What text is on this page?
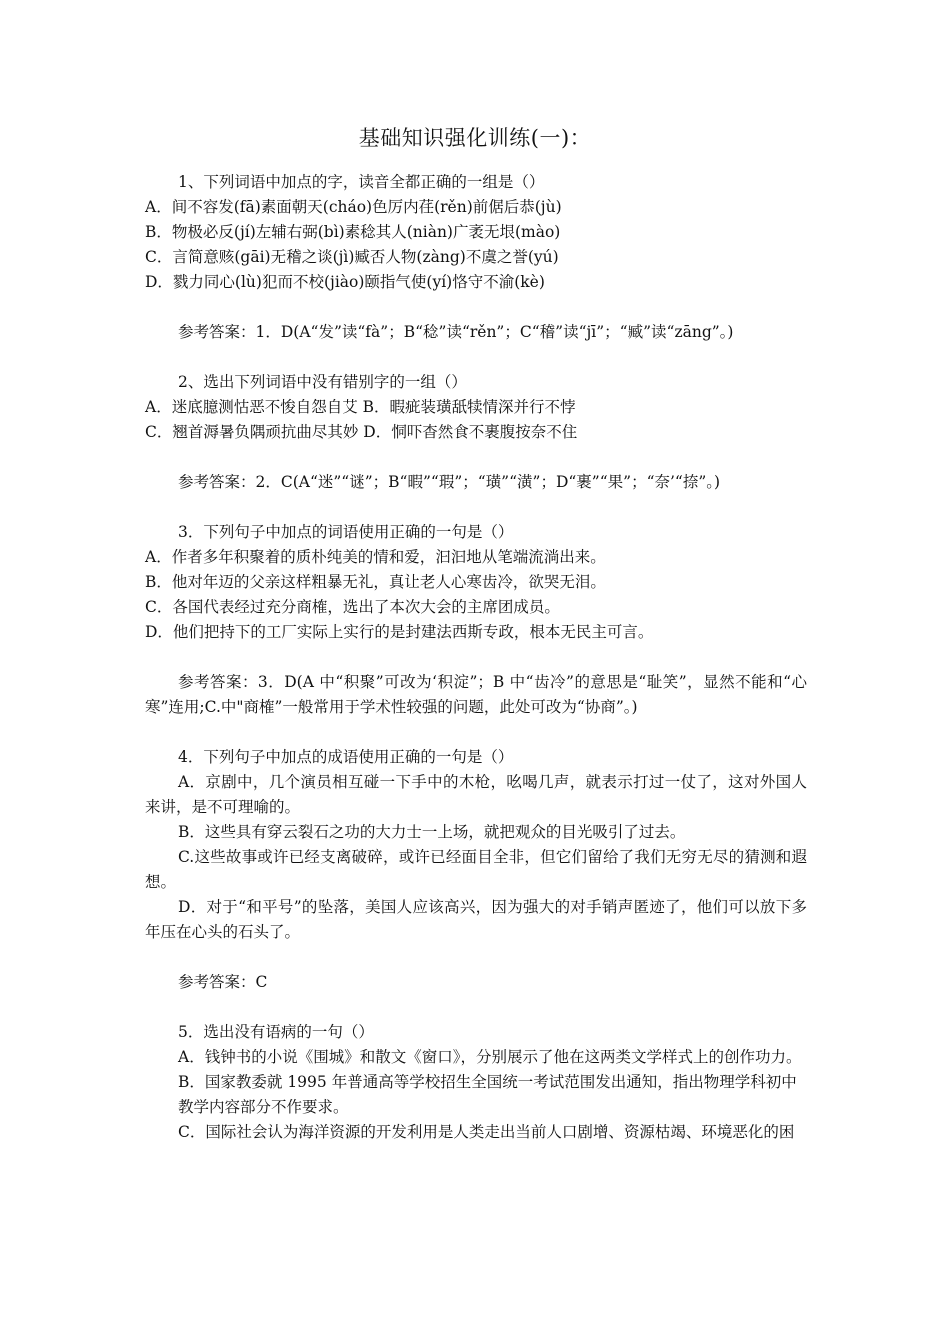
基础知识强化训练(一)：

1、下列词语中加点的字，读音全都正确的一组是（）

A．间不容发(fā)素面朝天(cháo)色厉内荏(rěn)前倨后恭(jù)

B．物极必反(jí)左辅右弼(bì)素稔其人(niàn)广袤无垠(mào)

C．言简意赅(gāi)无稽之谈(jì)臧否人物(zàng)不虞之誉(yú)

D．戮力同心(lù)犯而不校(jiào)颐指气使(yí)恪守不渝(kè)

参考答案：1．D(A“发”读“fà”；B“稔”读“rěn”；C“稽”读“jī”；“臧”读“zāng”。)

2、选出下列词语中没有错别字的一组（）

A．迷底臆测怙恶不悛自怨自艾 B．暇疵装璜舐犊情深并行不悖

C．翘首溽暑负隅顽抗曲尽其妙 D．恫吓杳然食不裹腹按奈不住

参考答案：2．C(A“迷”“谜”；B“暇”“瑕”；“璜”“潢”；D“裹”“果”；“奈’“捺”。)

3．下列句子中加点的词语使用正确的一句是（）

A．作者多年积聚着的质朴纯美的情和爱，汩汩地从笔端流淌出来。

B．他对年迈的父亲这样粗暴无礼，真让老人心寒齿冷，欲哭无泪。

C．各国代表经过充分商榷，选出了本次大会的主席团成员。

D．他们把持下的工厂实际上实行的是封建法西斯专政，根本无民主可言。

参考答案：3．D(A 中“积聚”可改为‘积淀”；B 中“齿冷”的意思是“耻笑”，显然不能和“心寒”连用;C.中"商榷”一般常用于学术性较强的问题，此处可改为“协商”。)

4．下列句子中加点的成语使用正确的一句是（）

A．京剧中，几个演员相互碰一下手中的木枪，吆喝几声，就表示打过一仗了，这对外国人来讲，是不可理喻的。

B．这些具有穿云裂石之功的大力士一上场，就把观众的目光吸引了过去。

C.这些故事或许已经支离破碎，或许已经面目全非，但它们留给了我们无穷无尽的猜测和遐想。

D．对于“和平号”的坠落，美国人应该高兴，因为强大的对手销声匿迹了，他们可以放下多年压在心头的石头了。

参考答案：C

5．选出没有语病的一句（）

A．钱钟书的小说《围城》和散文《窗口》，分别展示了他在这两类文学样式上的创作功力。

B．国家教委就 1995 年普通高等学校招生全国统一考试范围发出通知，指出物理学科初中

教学内容部分不作要求。

C．国际社会认为海洋资源的开发利用是人类走出当前人口剧增、资源枯竭、环境恶化的困
